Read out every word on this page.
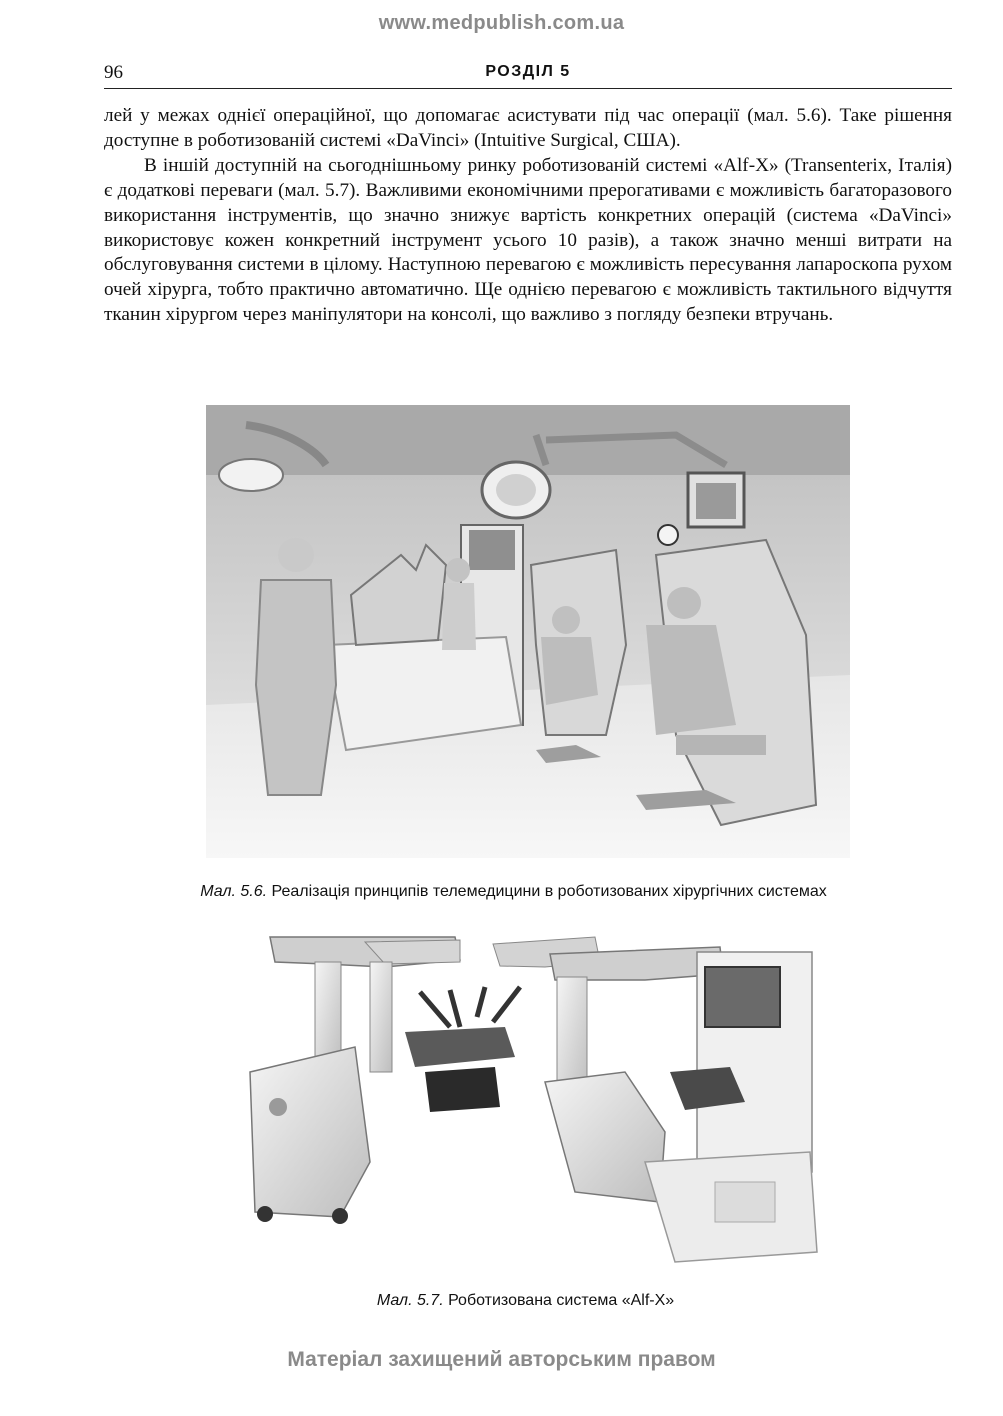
www.medpublish.com.ua
96	РОЗДІЛ 5

лей у межах однієї операційної, що допомагає асистувати під час операції (мал. 5.6). Таке рішення доступне в роботизованій системі «DaVinci» (Intuitive Surgical, США).

В іншій доступній на сьогоднішньому ринку роботизованій системі «Alf-X» (Transenterix, Італія) є додаткові переваги (мал. 5.7). Важливими економічними прерогативами є можливість багаторазового використання інструментів, що значно знижує вартість конкретних операцій (система «DaVinci» використовує кожен конкретний інструмент усього 10 разів), а також значно менші витрати на обслуговування системи в цілому. Наступною перевагою є можливість пересування лапароскопа рухом очей хірурга, тобто практично автоматично. Ще однією перевагою є можливість тактильного відчуття тканин хірургом через маніпулятори на консолі, що важливо з погляду безпеки втручань.

Мал. 5.6. Реалізація принципів телемедицини в роботизованих хірургічних системах
Мал. 5.7. Роботизована система «Alf-X»
Матеріал захищений авторським правом
